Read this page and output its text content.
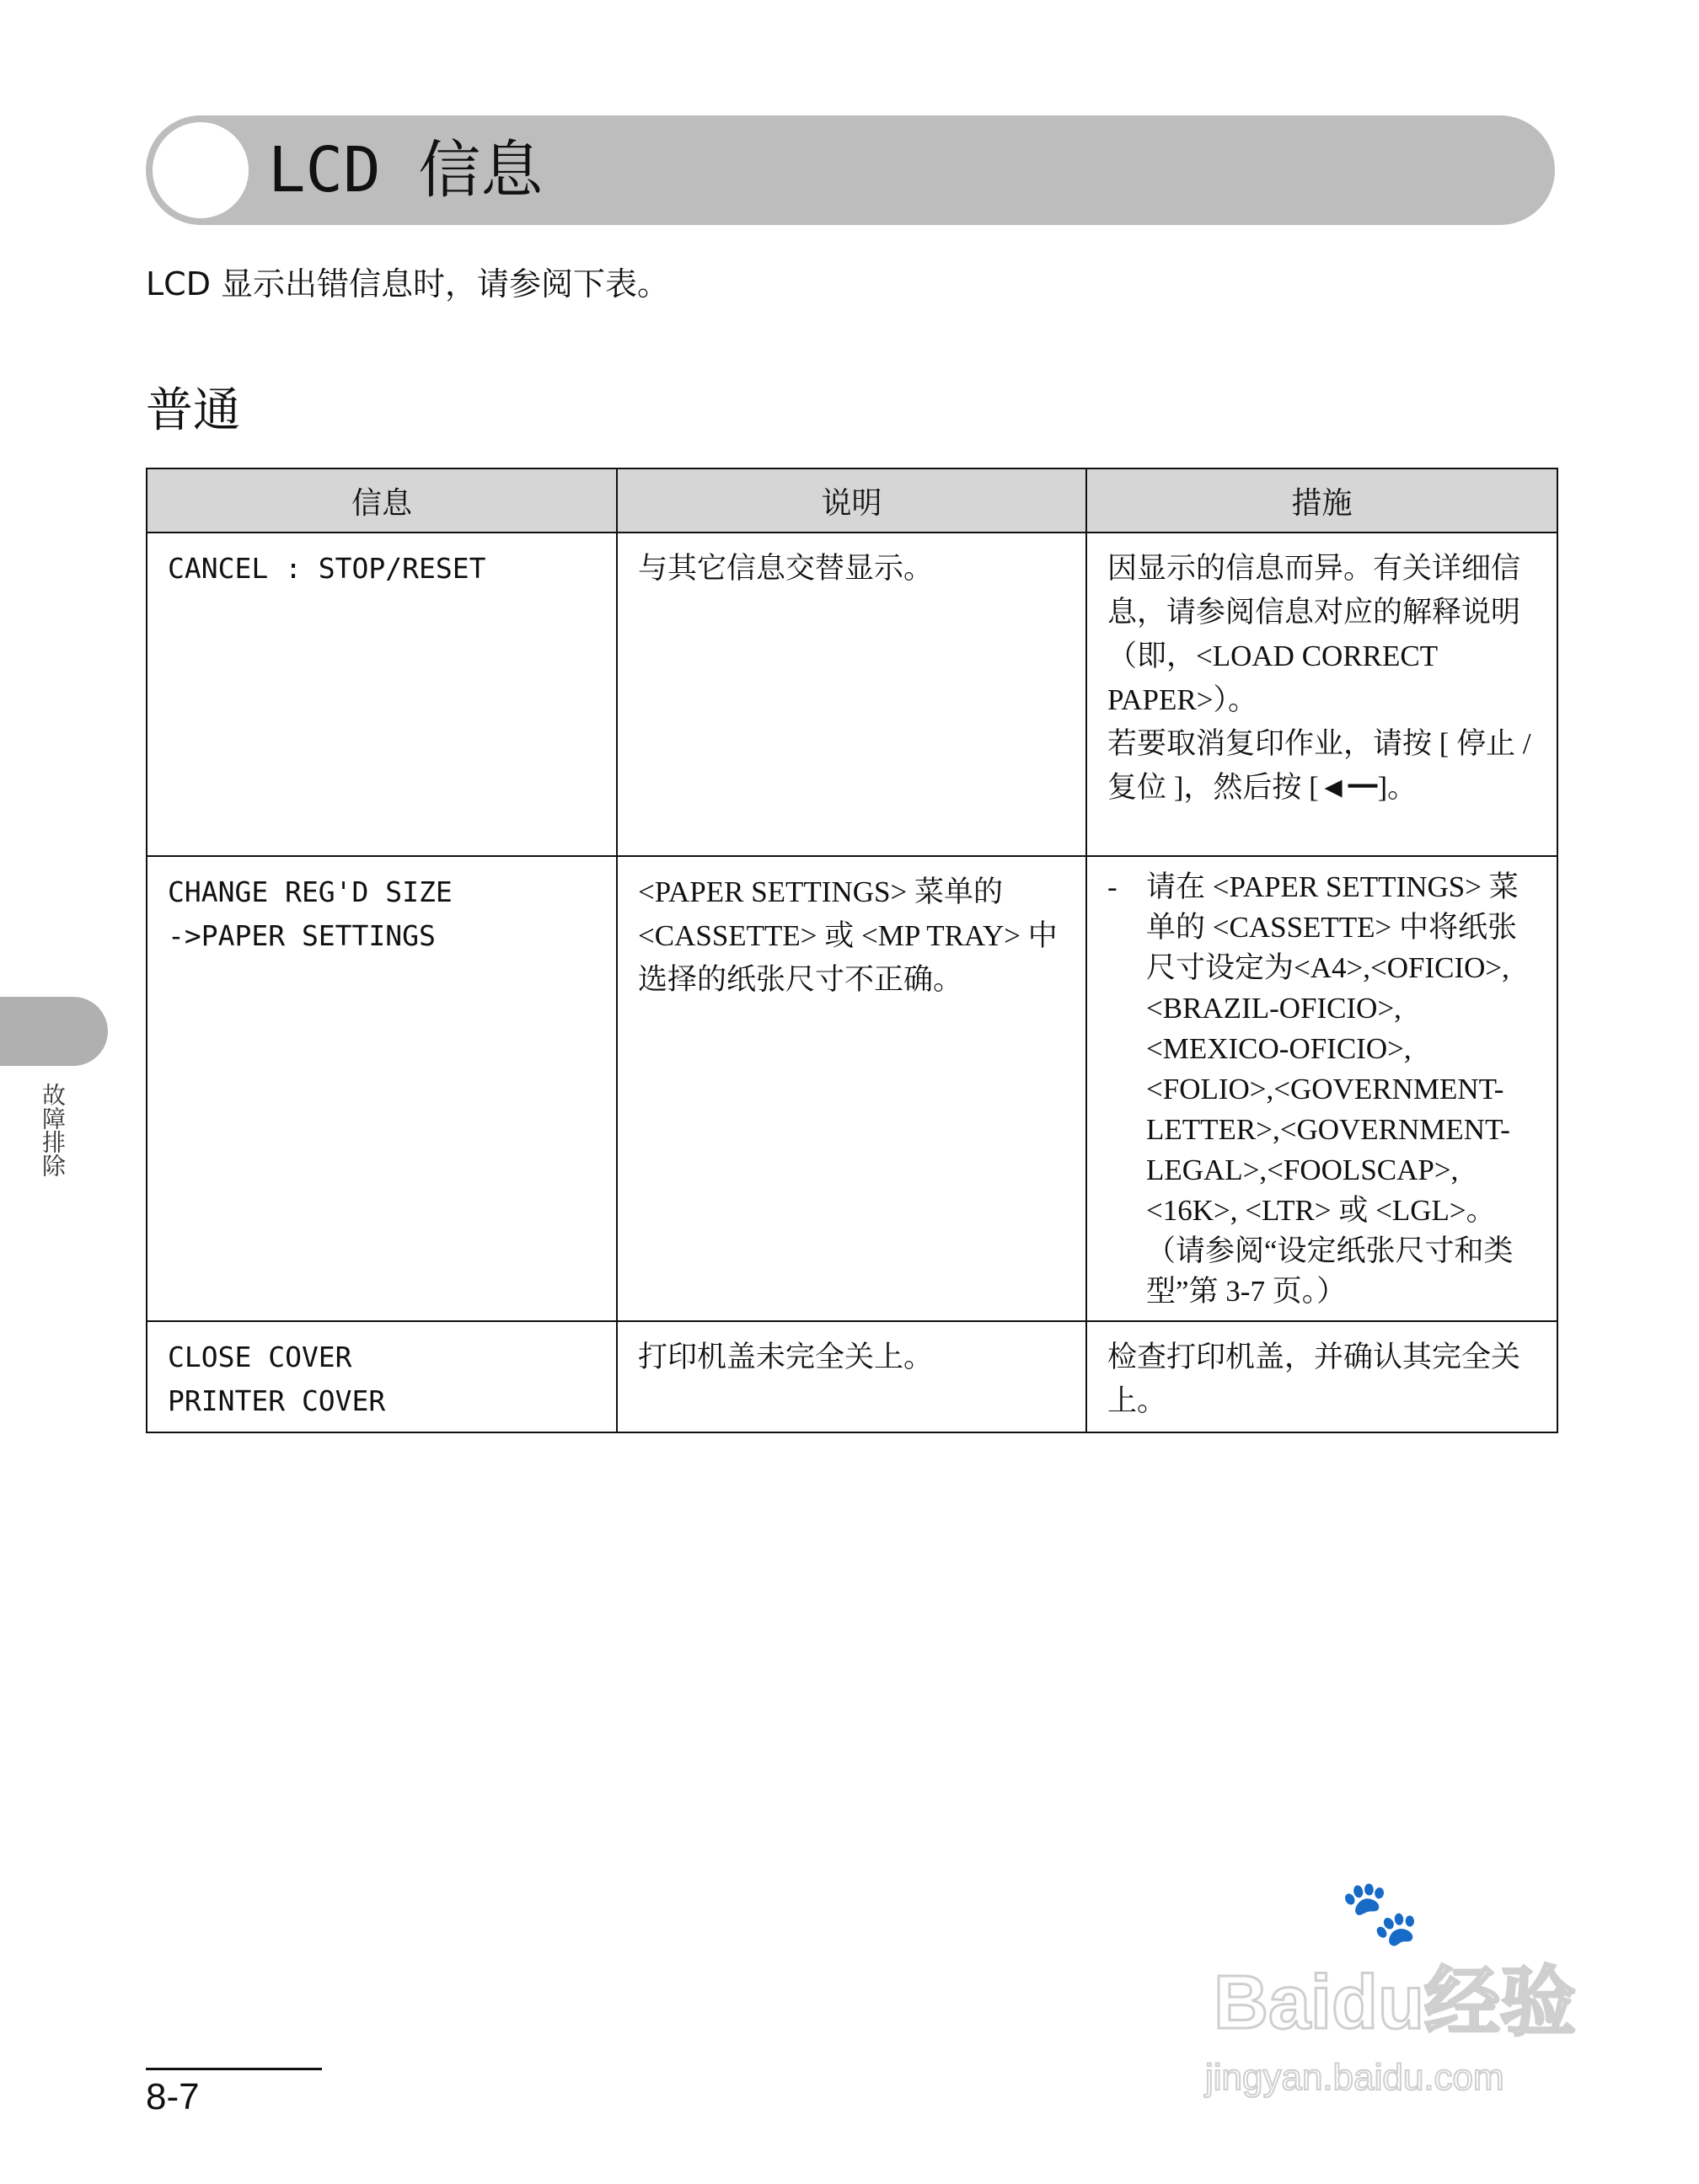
LCD 信息
LCD 显示出错信息时，请参阅下表。
普通
信息	说明	措施

CANCEL : STOP/RESET	与其它信息交替显示。	因显示的信息而异。有关详细信息，请参阅信息对应的解释说明 （即，<LOAD CORRECT PAPER>）。
若要取消复印作业，请按 [ 停止 / 复位 ]，然后按 [◄━]。

CHANGE REG'D SIZE
->PAPER SETTINGS	<PAPER SETTINGS> 菜单的 <CASSETTE> 或 <MP TRAY> 中选择的纸张尺寸不正确。	- 请在 <PAPER SETTINGS> 菜单的 <CASSETTE> 中将纸张尺寸设定为<A4>,<OFICIO>, <BRAZIL-OFICIO>, <MEXICO-OFICIO>, <FOLIO>,<GOVERNMENT-LETTER>,<GOVERNMENT-LEGAL>,<FOOLSCAP>,<16K>, <LTR> 或 <LGL>。（请参阅“设定纸张尺寸和类型”第 3-7 页。）

CLOSE COVER
PRINTER COVER	打印机盖未完全关上。	检查打印机盖，并确认其完全关上。
故障排除
8-7
🐾
Baidu经验
jingyan.baidu.com
